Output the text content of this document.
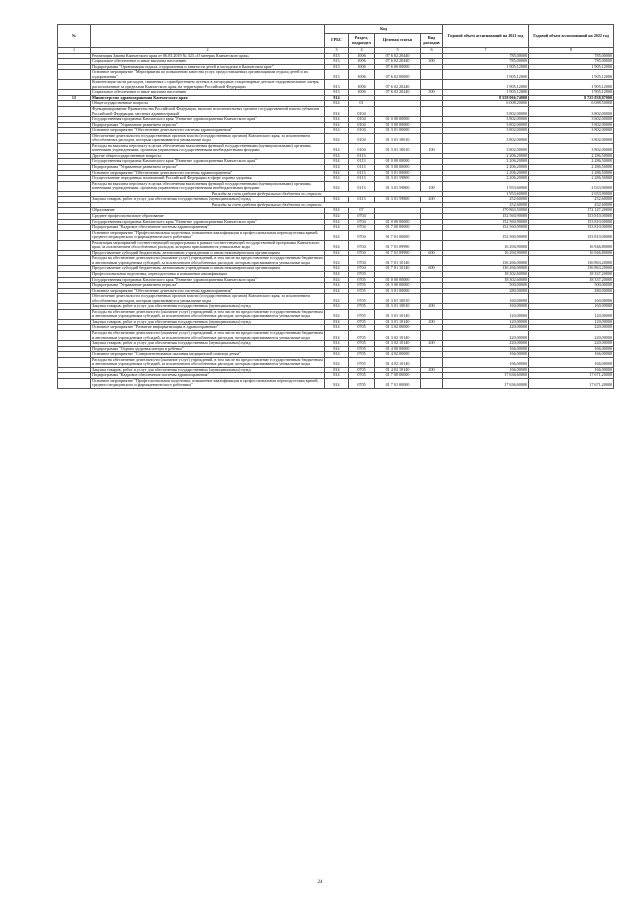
№		Код				Годовой объем ассигнований на 2021 год	Годовой объем ассигнований на 2022 год
		ГРБС	Раздел, подраздел	Целевая статья	Вид расходов		
1	2	3	4	5	6	7	8
	Реализация Закона Камчатского края от 06.05.2019 № 323 «О матерях Камчатского края»	813	1006	07 6 02 20440		785,00000	785,00000
	Социальное обеспечение и иные выплаты населению	813	1006	07 6 02 20440	300	785,00000	785,00000
	Подпрограмма "Организация отдыха, оздоровления и занятости детей и молодежи в Камчатском крае"	813	1006	07 6 00 00000		1 905,12000	1 905,12000
	Основное мероприятие "Мероприятия по повышению качества услуг, предоставляемых организациями отдыха детей и их оздоровления"	813	1006	07 6 02 00000		1 905,12000	1 905,12000
	Компенсация части расходов, связанных с приобретением путевок в загородные стационарные детские оздоровительные лагеря, расположенные за пределами Камчатского края, на территории Российской Федерации	813	1006	07 6 02 20240		1 905,12000	1 905,12000
	Социальное обеспечение и иные выплаты населению	813	1006	07 6 02 20240	300	1 905,12000	1 905,12000
12	Министерство здравоохранения Камчатского края	814				8 558 066,74000	8 725 838,87000
	Общегосударственные вопросы	814	01			6 008,20000	6 088,50000
	Функционирование Правительства Российской Федерации, высших исполнительных органов государственной власти субъектов Российской Федерации, местных администраций	814	0104			3 802,00000	3 802,00000
	Государственная программа Камчатского края "Развитие здравоохранения Камчатского края"	814	0104	01 0 00 00000		3 802,00000	3 802,00000
	Подпрограмма "Управление развитием отрасли"	814	0104	01 3 00 00000		3 802,00000	3 802,00000
	Основное мероприятие "Обеспечение деятельности системы здравоохранения"	814	0104	01 3 01 00000		3 802,00000	3 802,00000
	Обеспечение деятельности государственных органов власти (государственных органов) Камчатского края, за исключением обособленных расходов, которым присваиваются уникальные коды	814	0104	01 3 01 10010		3 802,00000	3 802,00000
	Расходы на выплаты персоналу в целях обеспечения выполнения функций государственными (муниципальными) органами, казенными учреждениями, органами управления государственными внебюджетными фондами	814	0104	01 3 01 10010	100	3 802,00000	3 802,00000
	Другие общегосударственные вопросы	814	0113			2 206,20000	2 286,50000
	Государственная программа Камчатского края "Развитие здравоохранения Камчатского края"	814	0113	01 0 00 00000		2 206,20000	2 286,50000
	Подпрограмма "Управление развитием отрасли"	814	0113	01 3 00 00000		2 206,20000	2 286,50000
	Основное мероприятие "Обеспечение деятельности системы здравоохранения"	814	0113	01 3 01 00000		2 206,20000	2 286,50000
	Осуществление переданных полномочий Российской Федерации в сфере охраны здоровья	814	0113	01 3 01 59800		2 206,20000	2 286,50000
	Расходы на выплаты персоналу в целях обеспечения выполнения функций государственными (муниципальными) органами, казенными учреждениями, органами управления государственными внебюджетными фондами	814	0113	01 3 01 59800	100	1 953,60000	2 033,90000
	Расходы за счет средств федерального бюджета по отрасли					1 953,60000	2 033,90000
	Закупка товаров, работ и услуг для обеспечения государственных (муниципальных) нужд	814	0113	01 3 01 59800	200	252,60000	252,60000
	Расходы за счет средств федерального бюджета по отрасли					252,60000	252,60000
	Образование	814	07			170 863,50000	172 147,20000
	Среднее профессиональное образование	814	0704			152 560,90000	153 810,00000
	Государственная программа Камчатского края "Развитие здравоохранения Камчатского края"	814	0704	01 0 00 00000		152 560,90000	153 810,00000
	Подпрограмма "Кадровое обеспечение системы здравоохранения"	814	0704	01 7 00 00000		152 560,90000	153 810,00000
	Основное мероприятие "Профессиональная подготовка, повышение квалификации и профессиональная переподготовка врачей, среднего медицинского и фармацевтического работника"	814	0704	01 7 01 00000		152 560,90000	153 810,00000
	Реализация мероприятий соответствующей подпрограммы в рамках соответствующей государственной программы Камчатского края, за исключением обособленных расходов, которым присваиваются уникальные коды	814	0704	01 7 01 09990		16 294,90000	16 946,80000
	Предоставление субсидий бюджетным, автономным учреждениям и иным некоммерческим организациям	814	0704	01 7 01 09990	600	16 294,90000	16 946,80000
	Расходы на обеспечение деятельности (оказание услуг) учреждений, в том числе на предоставление государственным бюджетным и автономным учреждениям субсидий, за исключением обособленных расходов, которым присваиваются уникальные коды	814	0704	01 7 01 10140		136 266,00000	136 863,20000
	Предоставление субсидий бюджетным, автономным учреждениям и иным некоммерческим организациям	814	0704	01 7 01 10140	600	136 266,00000	136 863,20000
	Профессиональная подготовка, переподготовка и повышение квалификации	814	0705			18 302,60000	18 337,20000
	Государственная программа Камчатского края "Развитие здравоохранения Камчатского края"	814	0705	01 0 00 00000		18 302,60000	18 337,20000
	Подпрограмма "Управление развитием отрасли"	814	0705	01 3 00 00000		500,00000	500,00000
	Основное мероприятие "Обеспечение деятельности системы здравоохранения"	814	0705	01 3 01 00000		280,00000	280,00000
	Обеспечение деятельности государственных органов власти (государственных органов) Камчатского края, за исключением обособленных расходов, которым присваиваются уникальные коды	814	0705	01 3 01 10010		160,00000	160,00000
	Закупка товаров, работ и услуг для обеспечения государственных (муниципальных) нужд	814	0705	01 3 01 10010	200	160,00000	160,00000
	Расходы на обеспечение деятельности (оказание услуг) учреждений, в том числе на предоставление государственным бюджетным и автономным учреждениям субсидий, за исключением обособленных расходов, которым присваиваются уникальные коды	814	0705	01 3 01 10140		120,00000	120,00000
	Закупка товаров, работ и услуг для обеспечения государственных (муниципальных) нужд	814	0705	01 3 01 10140	200	120,00000	120,00000
	Основное мероприятие "Развитие информатизации в здравоохранении"	814	0705	01 3 02 00000		220,00000	220,00000
	Расходы на обеспечение деятельности (оказание услуг) учреждений, в том числе на предоставление государственным бюджетным и автономным учреждениям субсидий, за исключением обособленных расходов, которым присваиваются уникальные коды	814	0705	01 3 02 10140		220,00000	220,00000
	Закупка товаров, работ и услуг для обеспечения государственных (муниципальных) нужд	814	0705	01 3 02 10140	200	220,00000	220,00000
	Подпрограмма "Охрана здоровья матери и ребенка"	814	0705	01 4 00 00000		166,00000	166,00000
	Основное мероприятие "Совершенствование оказания медицинской помощи детям"	814	0705	01 4 02 00000		166,00000	166,00000
	Расходы на обеспечение деятельности (оказание услуг) учреждений, в том числе на предоставление государственным бюджетным и автономным учреждениям субсидий, за исключением обособленных расходов, которым присваиваются уникальные коды	814	0705	01 4 02 10140		166,00000	166,00000
	Закупка товаров, работ и услуг для обеспечения государственных (муниципальных) нужд	814	0705	01 4 02 10140	200	166,00000	166,00000
	Подпрограмма "Кадровое обеспечение системы здравоохранения"	814	0705	01 7 00 00000		17 636,60000	17 671,20000
	Основное мероприятие "Профессиональная подготовка, повышение квалификации и профессиональная переподготовка врачей, среднего медицинского и фармацевтического работника"	814	0705	01 7 01 00000		17 636,60000	17 671,20000
24
